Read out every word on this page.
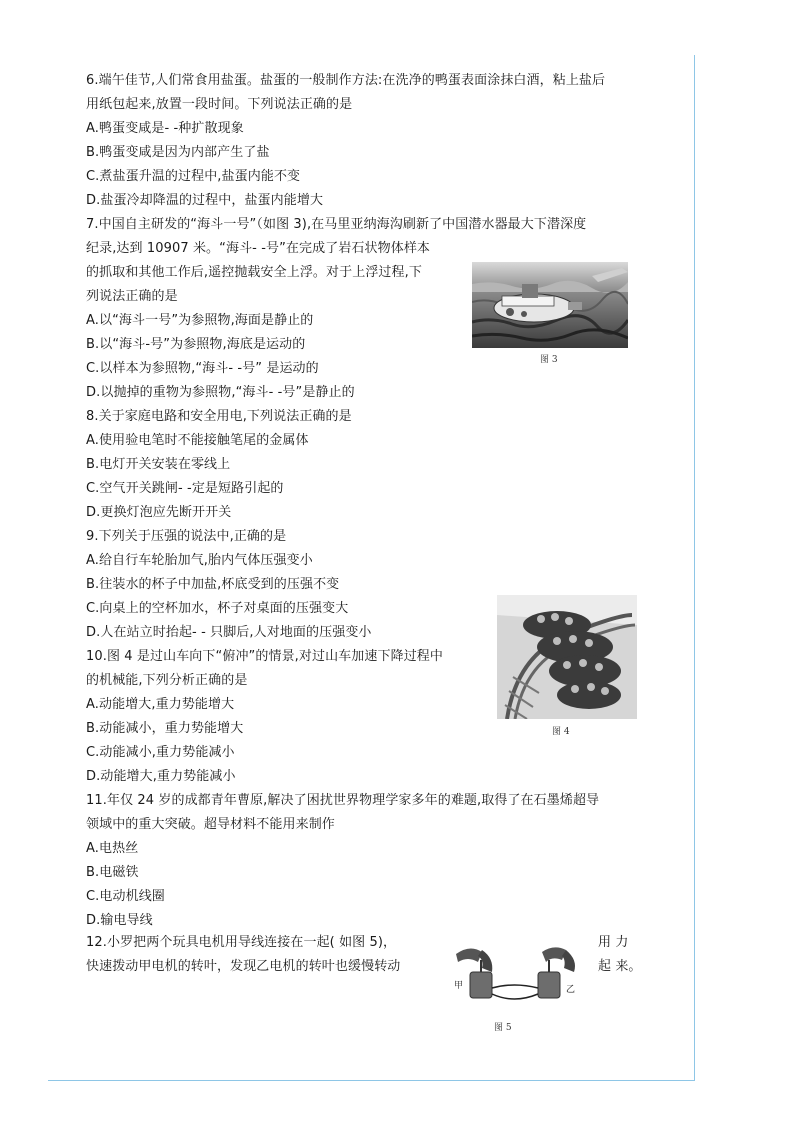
6.端午佳节,人们常食用盐蛋。盐蛋的一般制作方法:在洗净的鸭蛋表面涂抹白酒，粘上盐后
用纸包起来,放置一段时间。下列说法正确的是
A.鸭蛋变咸是- -种扩散现象
B.鸭蛋变咸是因为内部产生了盐
C.煮盐蛋升温的过程中,盐蛋内能不变
D.盐蛋冷却降温的过程中，盐蛋内能增大
7.中国自主研发的“海斗一号”（如图 3),在马里亚纳海沟刷新了中国潜水器最大下潜深度
纪录,达到 10907 米。“海斗- -号”在完成了岩石状物体样本
的抓取和其他工作后,遥控抛载安全上浮。对于上浮过程,下
列说法正确的是
A.以“海斗一号”为参照物,海面是静止的
B.以“海斗-号”为参照物,海底是运动的
C.以样本为参照物,“海斗- -号” 是运动的
D.以抛掉的重物为参照物,“海斗- -号”是静止的
8.关于家庭电路和安全用电,下列说法正确的是
A.使用验电笔时不能接触笔尾的金属体
B.电灯开关安装在零线上
C.空气开关跳闸- -定是短路引起的
D.更换灯泡应先断开开关
9.下列关于压强的说法中,正确的是
A.给自行车轮胎加气,胎内气体压强变小
B.往装水的杯子中加盐,杯底受到的压强不变
C.向桌上的空杯加水，杯子对桌面的压强变大
D.人在站立时抬起- - 只脚后,人对地面的压强变小
10.图 4 是过山车向下“俯冲”的情景,对过山车加速下降过程中
的机械能,下列分析正确的是
A.动能增大,重力势能增大
B.动能减小，重力势能增大
C.动能减小,重力势能减小
D.动能增大,重力势能减小
11.年仅 24 岁的成都青年曹原,解决了困扰世界物理学家多年的难题,取得了在石墨烯超导
领域中的重大突破。超导材料不能用来制作
A.电热丝
B.电磁铁
C.电动机线圈
D.输电导线
12.小罗把两个玩具电机用导线连接在一起( 如图 5)，	用 力
快速拨动甲电机的转叶，发现乙电机的转叶也缓慢转动	起 来。
图 3
图 4
甲	乙
图 5
